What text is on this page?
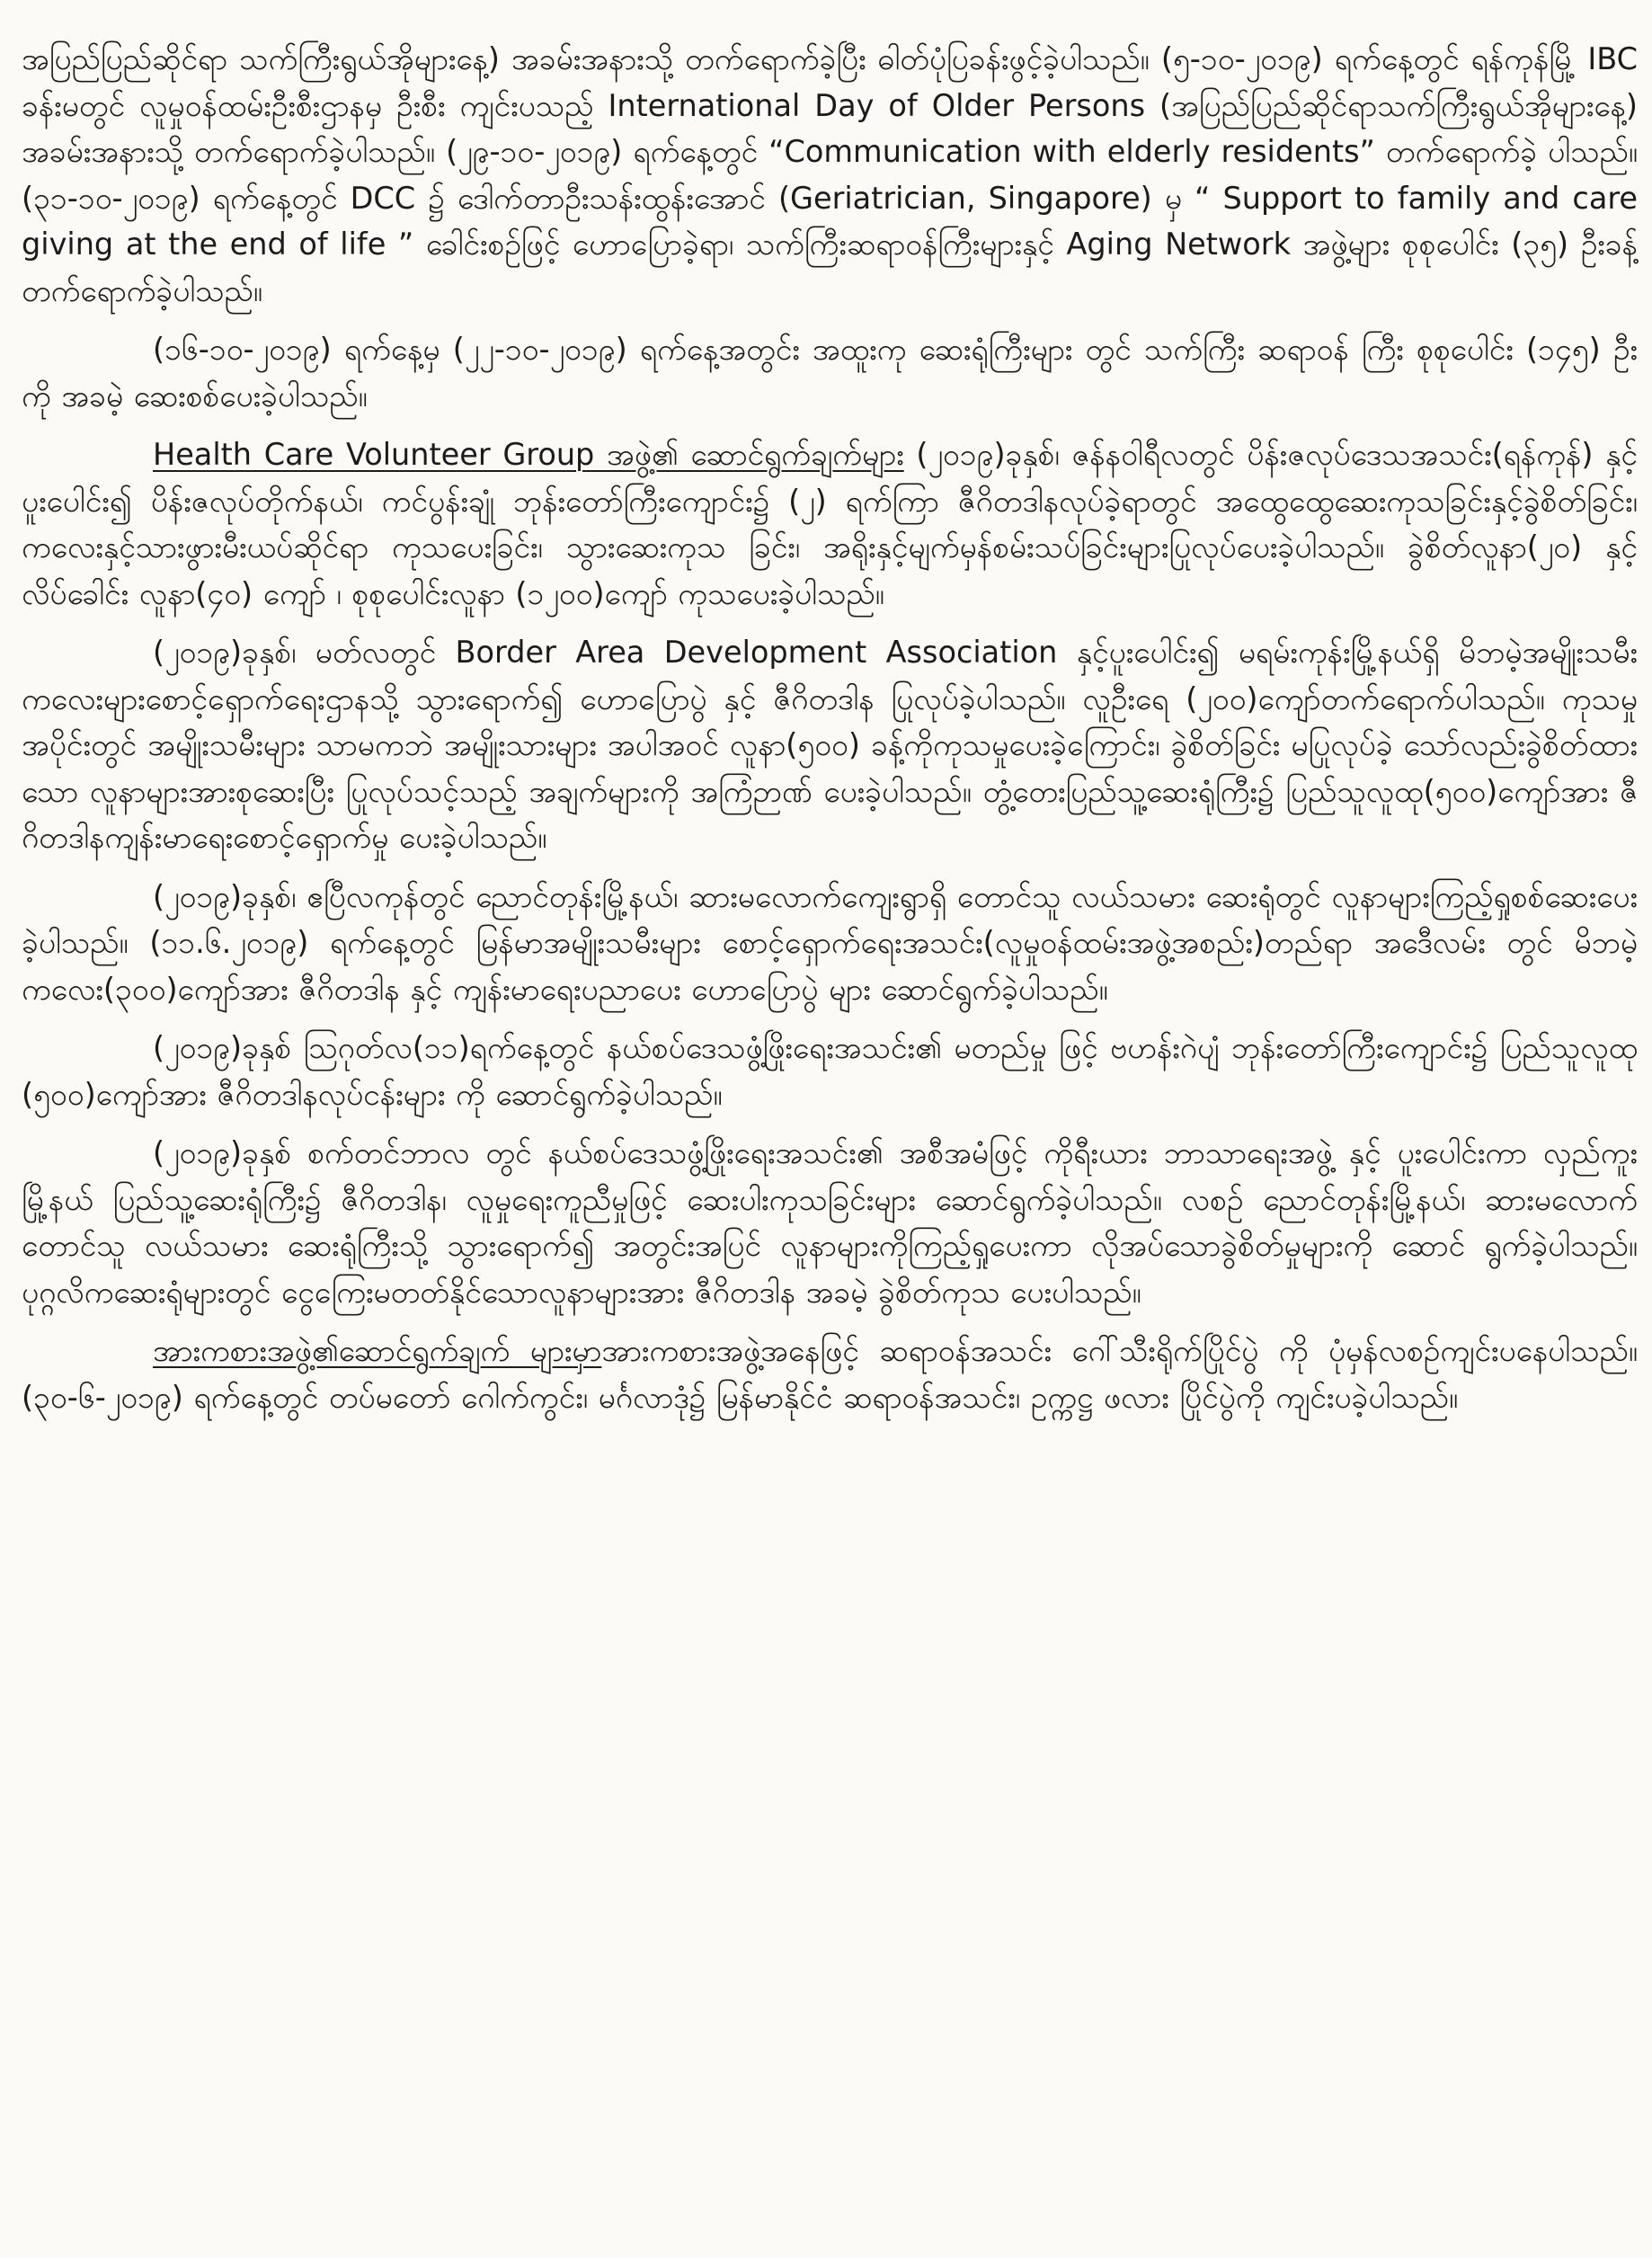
အပြည်ပြည်ဆိုင်ရာ သက်ကြီးရွယ်အိုများနေ့) အခမ်းအနားသို့ တက်ရောက်ခဲ့ပြီး ဓါတ်ပုံပြခန်းဖွင့်ခဲ့ပါသည်။ (၅-၁၀-၂၀၁၉) ရက်နေ့တွင် ရန်ကုန်မြို့ IBC ခန်းမတွင် လူမှုဝန်ထမ်းဦးစီးဌာနမှ ဦးစီး ကျင်းပသည့် International Day of Older Persons (အပြည်ပြည်ဆိုင်ရာသက်ကြီးရွယ်အိုများနေ့) အခမ်းအနားသို့ တက်ရောက်ခဲ့ပါသည်။ (၂၉-၁၀-၂၀၁၉) ရက်နေ့တွင် “Communication with elderly residents” တက်ရောက်ခဲ့ ပါသည်။ (၃၁-၁၀-၂၀၁၉) ရက်နေ့တွင် DCC ၌ ဒေါက်တာဦးသန်းထွန်းအောင် (Geriatrician, Singapore) မှ “ Support to family and care giving at the end of life ” ခေါင်းစဉ်ဖြင့် ဟောပြောခဲ့ရာ၊ သက်ကြီးဆရာဝန်ကြီးများနှင့် Aging Network အဖွဲ့များ စုစုပေါင်း (၃၅) ဦးခန့်တက်ရောက်ခဲ့ပါသည်။

(၁၆-၁၀-၂၀၁၉) ရက်နေ့မှ (၂၂-၁၀-၂၀၁၉) ရက်နေ့အတွင်း အထူးကု ဆေးရုံကြီးများ တွင် သက်ကြီး ဆရာဝန် ကြီး စုစုပေါင်း (၁၄၅) ဦးကို အခမဲ့ ဆေးစစ်ပေးခဲ့ပါသည်။

Health Care Volunteer Group အဖွဲ့၏ ဆောင်ရွက်ချက်များ (၂၀၁၉)ခုနှစ်၊ ဇန်နဝါရီလတွင် ပိန်းဇလုပ်ဒေသအသင်း(ရန်ကုန်) နှင့်ပူးပေါင်း၍ ပိန်းဇလုပ်တိုက်နယ်၊ ကင်ပွန်းချုံ ဘုန်းတော်ကြီးကျောင်း၌ (၂) ရက်ကြာ ဇီဂိတဒါနလုပ်ခဲ့ရာတွင် အထွေထွေဆေးကုသခြင်းနှင့်ခွဲစိတ်ခြင်း၊ ကလေးနှင့်သားဖွားမီးယပ်ဆိုင်ရာ ကုသပေးခြင်း၊ သွားဆေးကုသ ခြင်း၊ အရိုးနှင့်မျက်မှန်စမ်းသပ်ခြင်းများပြုလုပ်ပေးခဲ့ပါသည်။ ခွဲစိတ်လူနာ(၂၀) နှင့် လိပ်ခေါင်း လူနာ(၄၀) ကျော် ၊ စုစုပေါင်းလူနာ (၁၂၀၀)ကျော် ကုသပေးခဲ့ပါသည်။

(၂၀၁၉)ခုနှစ်၊ မတ်လတွင် Border Area Development Association နှင့်ပူးပေါင်း၍ မရမ်းကုန်းမြို့နယ်ရှိ မိဘမဲ့အမျိုးသမီးကလေးများစောင့်ရှောက်ရေးဌာနသို့ သွားရောက်၍ ဟောပြောပွဲ နှင့် ဇီဂိတဒါန ပြုလုပ်ခဲ့ပါသည်။ လူဦးရေ (၂၀၀)ကျော်တက်ရောက်ပါသည်။ ကုသမှုအပိုင်းတွင် အမျိုးသမီးများ သာမကဘဲ အမျိုးသားများ အပါအဝင် လူနာ(၅၀၀) ခန့်ကိုကုသမှုပေးခဲ့ကြောင်း၊ ခွဲစိတ်ခြင်း မပြုလုပ်ခဲ့ သော်လည်းခွဲစိတ်ထားသော လူနာများအားစုဆေးပြီး ပြုလုပ်သင့်သည့် အချက်များကို အကြံဉာဏ် ပေးခဲ့ပါသည်။ တွံ့တေးပြည်သူ့ဆေးရုံကြီး၌ ပြည်သူလူထု(၅၀၀)ကျော်အား ဇီဂိတဒါနကျန်းမာရေးစောင့်ရှောက်မှု ပေးခဲ့ပါသည်။

(၂၀၁၉)ခုနှစ်၊ ဧပြီလကုန်တွင် ညောင်တုန်းမြို့နယ်၊ ဆားမလောက်ကျေးရွာရှိ တောင်သူ လယ်သမား ဆေးရုံတွင် လူနာများကြည့်ရှုစစ်ဆေးပေးခဲ့ပါသည်။ (၁၁.၆.၂၀၁၉) ရက်နေ့တွင် မြန်မာအမျိုးသမီးများ စောင့်ရှောက်ရေးအသင်း(လူမှုဝန်ထမ်းအဖွဲ့အစည်း)တည်ရာ အဒေီလမ်း တွင် မိဘမဲ့ကလေး(၃၀၀)ကျော်အား ဇီဂိတဒါန နှင့် ကျန်းမာရေးပညာပေး ဟောပြောပွဲ များ ဆောင်ရွက်ခဲ့ပါသည်။

(၂၀၁၉)ခုနှစ် ဩဂုတ်လ(၁၁)ရက်နေ့တွင် နယ်စပ်ဒေသဖွံ့ဖြိုးရေးအသင်း၏ မတည်မှု ဖြင့် ဗဟန်းဂဲပျံ ဘုန်းတော်ကြီးကျောင်း၌ ပြည်သူလူထု (၅၀၀)ကျော်အား ဇီဂိတဒါနလုပ်ငန်းများ ကို ဆောင်ရွက်ခဲ့ပါသည်။

(၂၀၁၉)ခုနှစ် စက်တင်ဘာလ တွင် နယ်စပ်ဒေသဖွံ့ဖြိုးရေးအသင်း၏ အစီအမံဖြင့် ကိုရီးယား ဘာသာရေးအဖွဲ့ နှင့် ပူးပေါင်းကာ လှည်ကူးမြို့နယ် ပြည်သူ့ဆေးရုံကြီး၌ ဇီဂိတဒါန၊ လူမှုရေးကူညီမှုဖြင့် ဆေးပါးကုသခြင်းများ ဆောင်ရွက်ခဲ့ပါသည်။ လစဉ် ညောင်တုန်းမြို့နယ်၊ ဆားမလောက် တောင်သူ လယ်သမား ဆေးရုံကြီးသို့ သွားရောက်၍ အတွင်းအပြင် လူနာများကိုကြည့်ရှုပေးကာ လိုအပ်သောခွဲစိတ်မှုများကို ဆောင် ရွက်ခဲ့ပါသည်။ ပုဂ္ဂလိကဆေးရုံများတွင် ငွေကြေးမတတ်နိုင်သောလူနာများအား ဇီဂိတဒါန အခမဲ့ ခွဲစိတ်ကုသ ပေးပါသည်။

အားကစားအဖွဲ့၏ဆောင်ရွက်ချက် များမှာအားကစားအဖွဲ့အနေဖြင့် ဆရာဝန်အသင်း ဂေါ်သီးရိုက်ပြိုင်ပွဲ ကို ပုံမှန်လစဉ်ကျင်းပနေပါသည်။ (၃၀-၆-၂၀၁၉) ရက်နေ့တွင် တပ်မတော် ဂေါက်ကွင်း၊ မင်္ဂလာဒုံ၌ မြန်မာနိုင်ငံ ဆရာဝန်အသင်း၊ ဥက္ကဋ္ဌ ဖလား ပြိုင်ပွဲကို ကျင်းပခဲ့ပါသည်။
